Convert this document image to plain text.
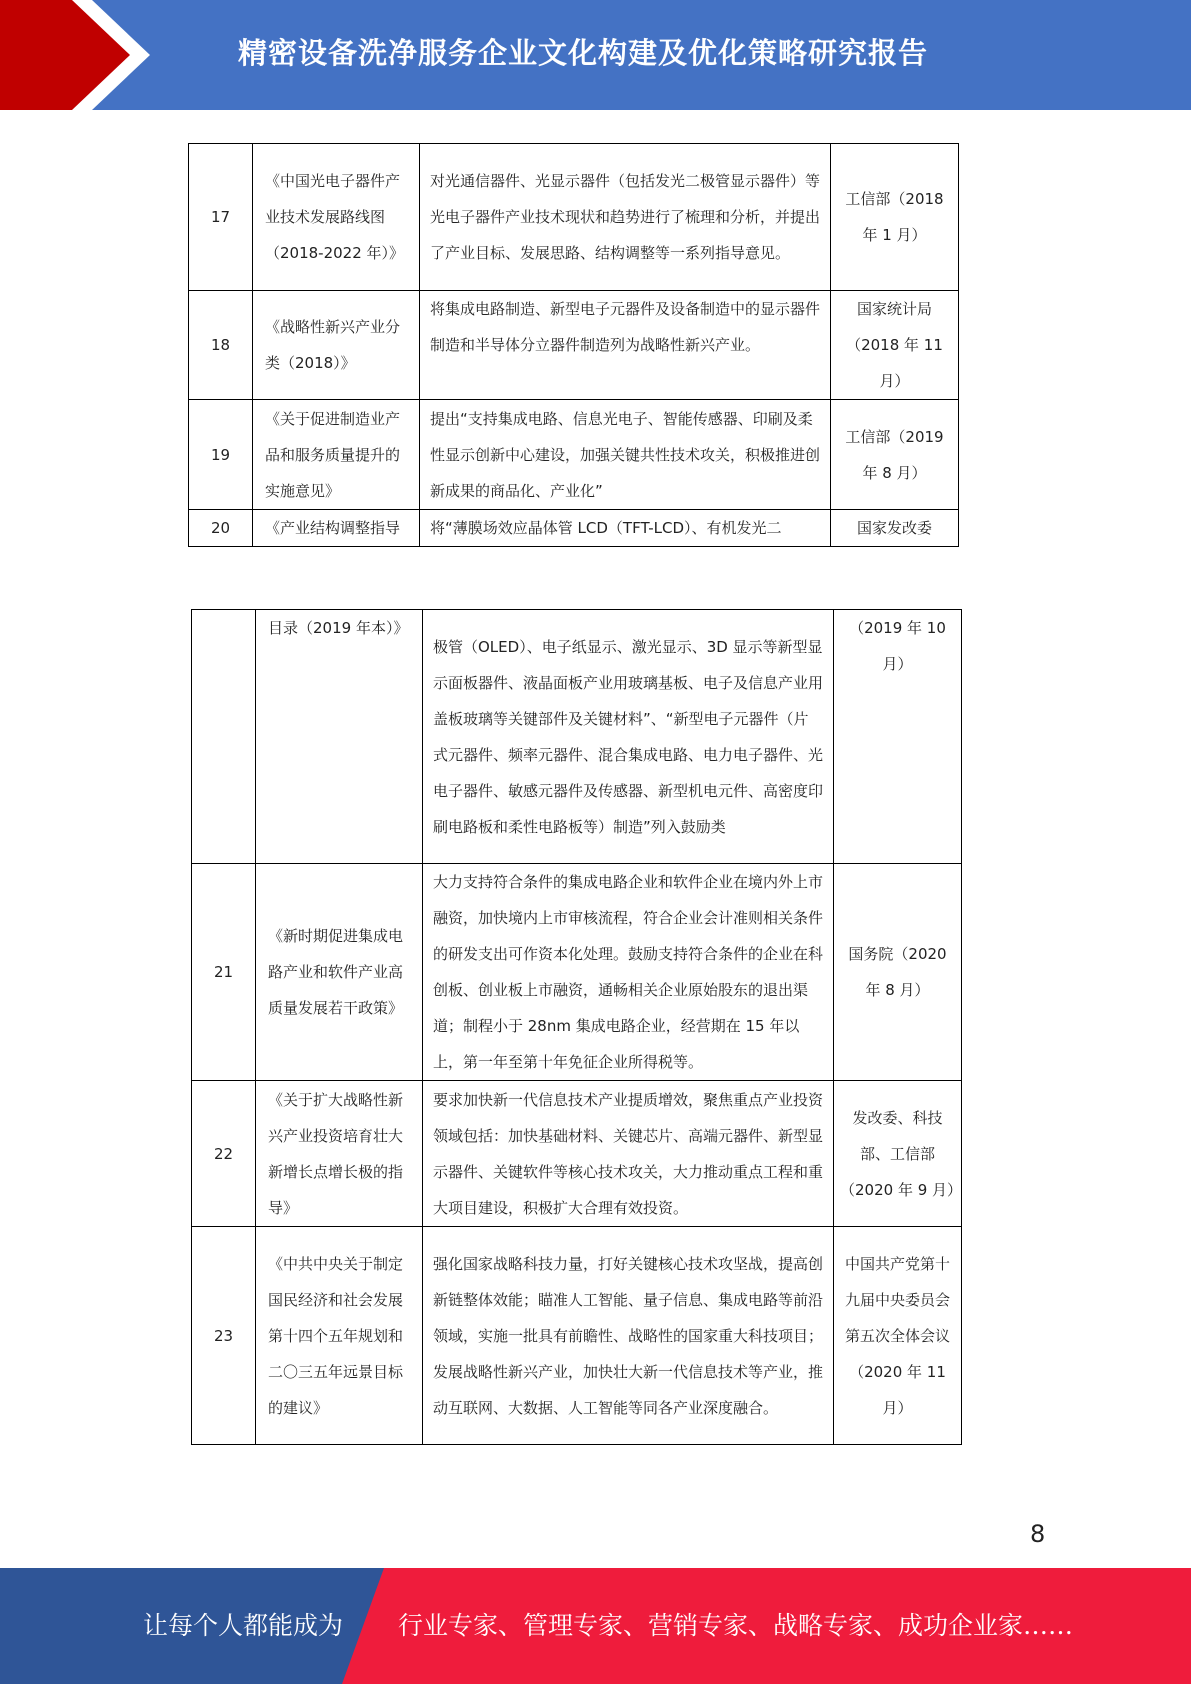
精密设备洗净服务企业文化构建及优化策略研究报告
17	《中国光电子器件产业技术发展路线图（2018-2022 年）》	对光通信器件、光显示器件（包括发光二极管显示器件）等光电子器件产业技术现状和趋势进行了梳理和分析，并提出了产业目标、发展思路、结构调整等一系列指导意见。	工信部（2018 年 1 月）
18	《战略性新兴产业分类（2018）》	将集成电路制造、新型电子元器件及设备制造中的显示器件制造和半导体分立器件制造列为战略性新兴产业。	国家统计局（2018 年 11 月）
19	《关于促进制造业产品和服务质量提升的实施意见》	提出“支持集成电路、信息光电子、智能传感器、印刷及柔性显示创新中心建设，加强关键共性技术攻关，积极推进创新成果的商品化、产业化”	工信部（2019 年 8 月）
20	《产业结构调整指导	将“薄膜场效应晶体管 LCD（TFT-LCD）、有机发光二	国家发改委
	目录（2019 年本）》	极管（OLED）、电子纸显示、激光显示、3D 显示等新型显示面板器件、液晶面板产业用玻璃基板、电子及信息产业用盖板玻璃等关键部件及关键材料”、“新型电子元器件（片式元器件、频率元器件、混合集成电路、电力电子器件、光电子器件、敏感元器件及传感器、新型机电元件、高密度印刷电路板和柔性电路板等）制造”列入鼓励类	（2019 年 10 月）
21	《新时期促进集成电路产业和软件产业高质量发展若干政策》	大力支持符合条件的集成电路企业和软件企业在境内外上市融资，加快境内上市审核流程，符合企业会计准则相关条件的研发支出可作资本化处理。鼓励支持符合条件的企业在科创板、创业板上市融资，通畅相关企业原始股东的退出渠道；制程小于 28nm 集成电路企业，经营期在 15 年以上，第一年至第十年免征企业所得税等。	国务院（2020 年 8 月）
22	《关于扩大战略性新兴产业投资培育壮大新增长点增长极的指导》	要求加快新一代信息技术产业提质增效，聚焦重点产业投资领域包括：加快基础材料、关键芯片、高端元器件、新型显示器件、关键软件等核心技术攻关，大力推动重点工程和重大项目建设，积极扩大合理有效投资。	发改委、科技部、工信部（2020 年 9 月）
23	《中共中央关于制定国民经济和社会发展第十四个五年规划和二〇三五年远景目标的建议》	强化国家战略科技力量，打好关键核心技术攻坚战，提高创新链整体效能；瞄准人工智能、量子信息、集成电路等前沿领域，实施一批具有前瞻性、战略性的国家重大科技项目；发展战略性新兴产业，加快壮大新一代信息技术等产业，推动互联网、大数据、人工智能等同各产业深度融合。	中国共产党第十九届中央委员会第五次全体会议（2020 年 11 月）
8
让每个人都能成为 行业专家、管理专家、营销专家、战略专家、成功企业家……
